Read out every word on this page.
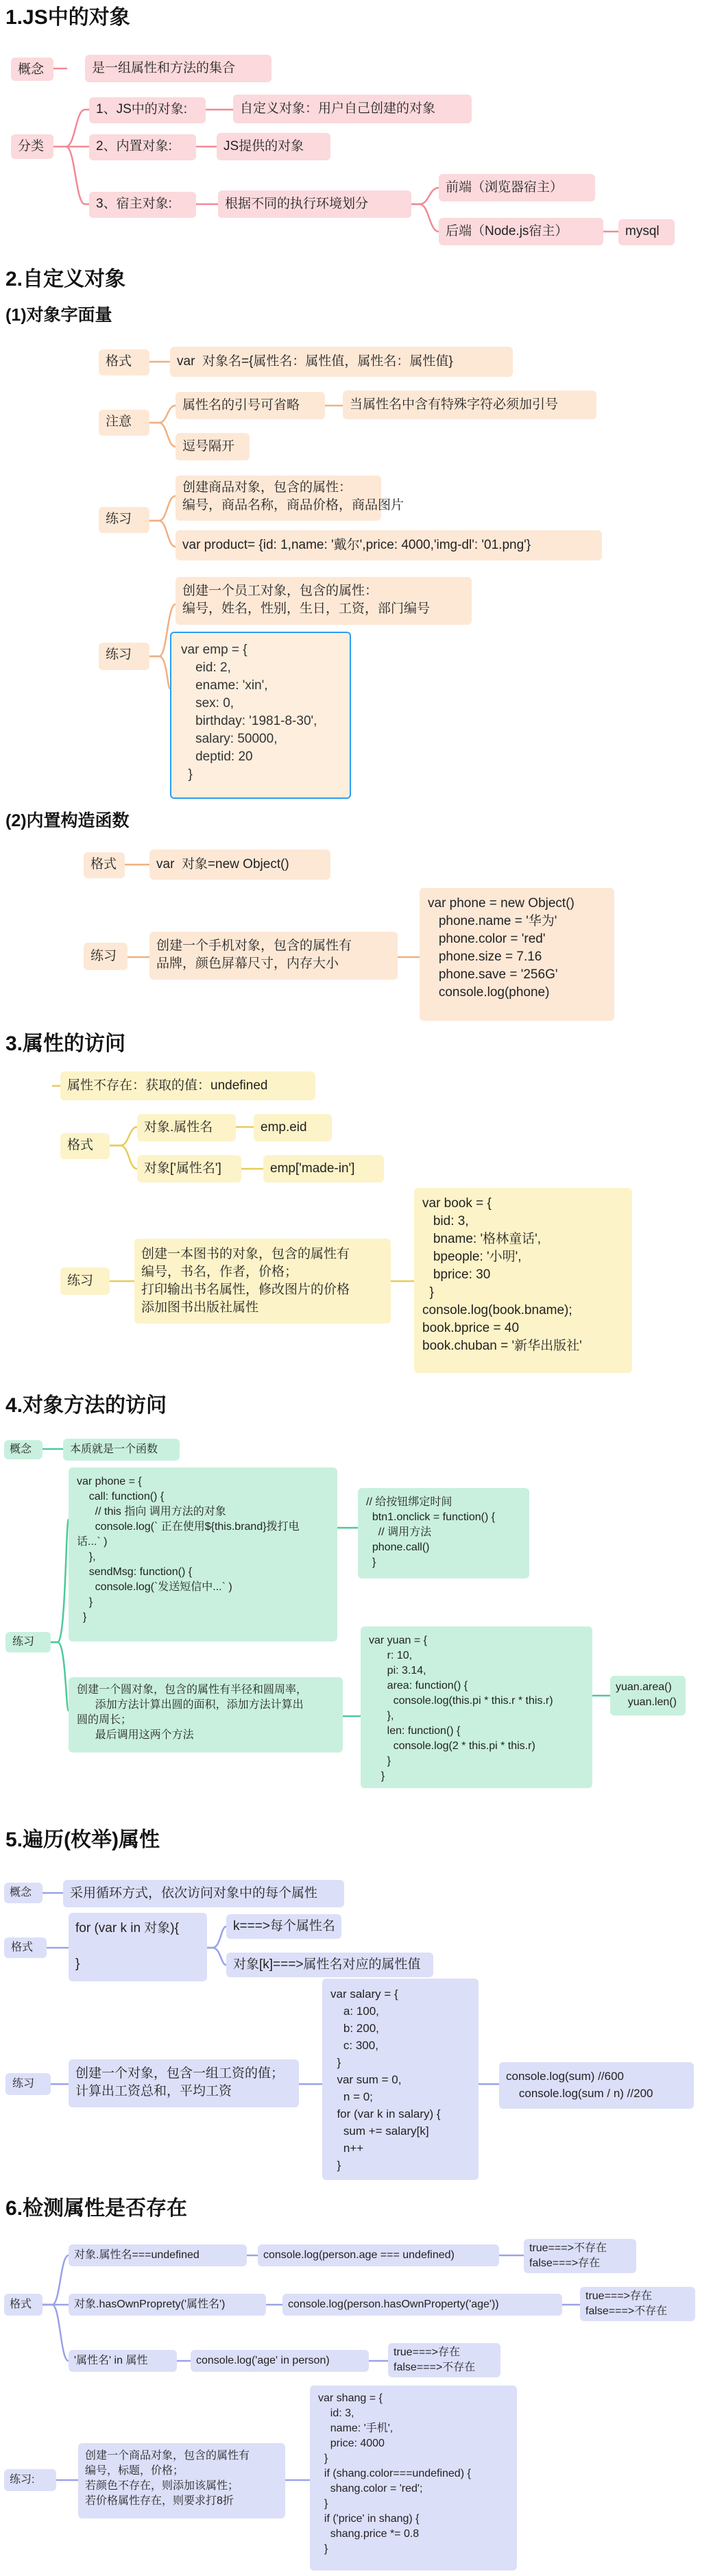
1.JS中的对象
概念	是一组属性和方法的集合
分类
1、JS中的对象:	自定义对象：用户自己创建的对象
2、内置对象:	JS提供的对象
3、宿主对象:	根据不同的执行环境划分
前端（浏览器宿主）
后端（Node.js宿主）	mysql
2.自定义对象
(1)对象字面量
格式	var  对象名={属性名：属性值，属性名：属性值}
注意
属性名的引号可省略	当属性名中含有特殊字符必须加引号
逗号隔开
练习
创建商品对象，包含的属性：
编号，商品名称，商品价格，商品图片
var product= {id: 1,name: '戴尔',price: 4000,'img-dl': '01.png'}
练习
创建一个员工对象，包含的属性：
编号，姓名，性别，生日，工资，部门编号
var emp = {
eid: 2,
ename: 'xin',
sex: 0,
birthday: '1981-8-30',
salary: 50000,
deptid: 20
}
(2)内置构造函数
格式	var  对象=new Object()
练习
创建一个手机对象，包含的属性有
品牌，颜色屏幕尺寸，内存大小
var phone = new Object()
phone.name = '华为'
phone.color = 'red'
phone.size = 7.16
phone.save = '256G'
console.log(phone)
3.属性的访问
属性不存在：获取的值：undefined
格式
对象.属性名	emp.eid
对象['属性名']	emp['made-in']
练习
创建一本图书的对象，包含的属性有
编号，书名，作者，价格；
打印输出书名属性，修改图片的价格
添加图书出版社属性
var book = {
bid: 3,
bname: '格林童话',
bpeople: '小明',
bprice: 30
}
console.log(book.bname);
book.bprice = 40
book.chuban = '新华出版社'
4.对象方法的访问
概念	本质就是一个函数
练习
var phone = {
call: function() {
// this 指向 调用方法的对象
console.log(` 正在使用${this.brand}拨打电
话...` )
},
sendMsg: function() {
console.log(`发送短信中...` )
}
}
// 给按钮绑定时间
btn1.onclick = function() {
// 调用方法
phone.call()
}
创建一个圆对象，包含的属性有半径和圆周率，
添加方法计算出圆的面积，添加方法计算出
圆的周长；
最后调用这两个方法
var yuan = {
r: 10,
pi: 3.14,
area: function() {
console.log(this.pi * this.r * this.r)
},
len: function() {
console.log(2 * this.pi * this.r)
}
}
yuan.area()
yuan.len()
5.遍历(枚举)属性
概念	采用循环方式，依次访问对象中的每个属性
格式
for (var k in 对象){

}
k===>每个属性名
对象[k]===>属性名对应的属性值
练习
创建一个对象，包含一组工资的值；
计算出工资总和，平均工资
var salary = {
a: 100,
b: 200,
c: 300,
}
var sum = 0,
n = 0;
for (var k in salary) {
sum += salary[k]
n++
}
console.log(sum) //600
console.log(sum / n) //200
6.检测属性是否存在
格式
对象.属性名===undefined	console.log(person.age === undefined)
true===>不存在
false===>存在
对象.hasOwnProprety('属性名')	console.log(person.hasOwnProperty('age'))
true===>存在
false===>不存在
'属性名' in 属性	console.log('age' in person)
true===>存在
false===>不存在
练习:
创建一个商品对象，包含的属性有
编号，标题，价格；
若颜色不存在，则添加该属性；
若价格属性存在，则要求打8折
var shang = {
id: 3,
name: '手机',
price: 4000
}
if (shang.color===undefined) {
shang.color = 'red';
}
if ('price' in shang) {
shang.price *= 0.8
}
